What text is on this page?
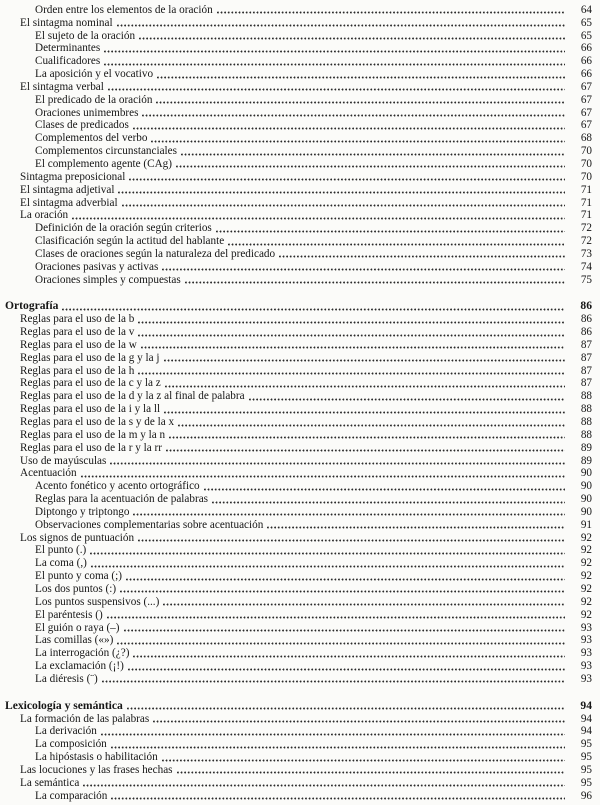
Orden entre los elementos de la oración	64
El sintagma nominal	65
El sujeto de la oración	65
Determinantes	66
Cualificadores	66
La aposición y el vocativo	66
El sintagma verbal	67
El predicado de la oración	67
Oraciones unimembres	67
Clases de predicados	67
Complementos del verbo	68
Complementos circunstanciales	70
El complemento agente (CAg)	70
Sintagma preposicional	70
El sintagma adjetival	71
El sintagma adverbial	71
La oración	71
Definición de la oración según criterios	72
Clasificación según la actitud del hablante	72
Clases de oraciones según la naturaleza del predicado	73
Oraciones pasivas y activas	74
Oraciones simples y compuestas	75
Ortografía	86
Reglas para el uso de la b	86
Reglas para el uso de la v	86
Reglas para el uso de la w	87
Reglas para el uso de la g y la j	87
Reglas para el uso de la h	87
Reglas para el uso de la c y la z	87
Reglas para el uso de la d y la z al final de palabra	88
Reglas para el uso de la i y la ll	88
Reglas para el uso de la s y de la x	88
Reglas para el uso de la m y la n	88
Reglas para el uso de la r y la rr	89
Uso de mayúsculas	89
Acentuación	90
Acento fonético y acento ortográfico	90
Reglas para la acentuación de palabras	90
Diptongo y triptongo	90
Observaciones complementarias sobre acentuación	91
Los signos de puntuación	92
El punto (.)	92
La coma (,)	92
El punto y coma (;)	92
Los dos puntos (:)	92
Los puntos suspensivos (...)	92
El paréntesis ()	92
El guión o raya (–)	93
Las comillas («»)	93
La interrogación (¿?)	93
La exclamación (¡!)	93
La diéresis (¨)	93
Lexicología y semántica	94
La formación de las palabras	94
La derivación	94
La composición	95
La hipóstasis o habilitación	95
Las locuciones y las frases hechas	95
La semántica	95
La comparación	96
